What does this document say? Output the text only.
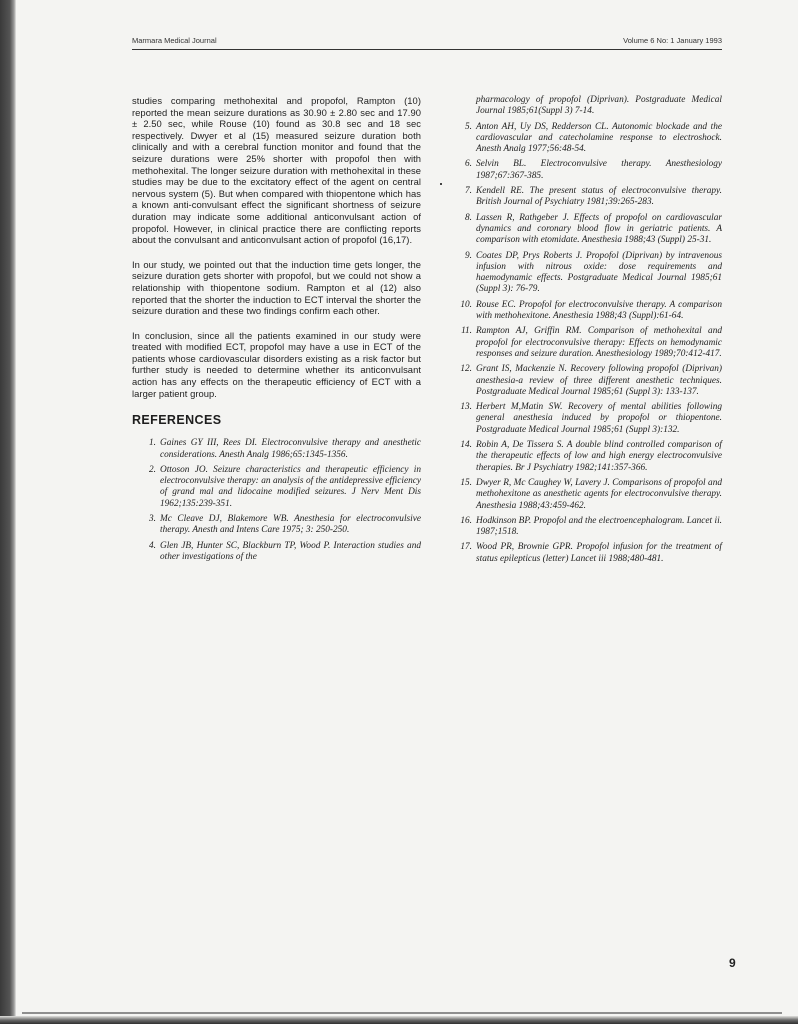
Marmara Medical Journal	Volume 6 No: 1 January 1993

studies comparing methohexital and propofol, Rampton (10) reported the mean seizure durations as 30.90 ± 2.80 sec and 17.90 ± 2.50 sec, while Rouse (10) found as 30.8 sec and 18 sec respectively. Dwyer et al (15) measured seizure duration both clinically and with a cerebral function monitor and found that the seizure durations were 25% shorter with propofol then with methohexital. The longer seizure duration with methohexital in these studies may be due to the excitatory effect of the agent on central nervous system (5). But when compared with thiopentone which has a known anti-convulsant effect the significant shortness of seizure duration may indicate some additional anticonvulsant action of propofol. However, in clinical practice there are conflicting reports about the convulsant and anticonvulsant action of propofol (16,17).

In our study, we pointed out that the induction time gets longer, the seizure duration gets shorter with propofol, but we could not show a relationship with thiopentone sodium. Rampton et al (12) also reported that the shorter the induction to ECT interval the shorter the seizure duration and these two findings confirm each other.

In conclusion, since all the patients examined in our study were treated with modified ECT, propofol may have a use in ECT of the patients whose cardiovascular disorders existing as a risk factor but further study is needed to determine whether its anticonvulsant action has any effects on the therapeutic efficiency of ECT with a larger patient group.

REFERENCES
1 . Gaines GY III, Rees DI. Electroconvulsive therapy and anesthetic considerations. Anesth Analg 1986;65:1345-1356.
2 . Ottoson JO. Seizure characteristics and therapeutic efficiency in electroconvulsive therapy: an analysis of the antidepressive efficiency of grand mal and lidocaine modified seizures. J Nerv Ment Dis 1962;135:239-351.
3 . Mc Cleave DJ, Blakemore WB. Anesthesia for electroconvulsive therapy. Anesth and Intens Care 1975; 3: 250-250.
4 . Glen JB, Hunter SC, Blackburn TP, Wood P. Interaction studies and other investigations of the
pharmacology of propofol (Diprivan). Postgraduate Medical Journal 1985;61(Suppl 3) 7-14.
5 . Anton AH, Uy DS, Redderson CL. Autonomic blockade and the cardiovascular and catecholamine response to electroshock. Anesth Analg 1977;56:48-54.
6 . Selvin BL. Electroconvulsive therapy. Anesthesiology 1987;67:367-385.
7 . Kendell RE. The present status of electroconvulsive therapy. British Journal of Psychiatry 1981;39:265-283.
8 . Lassen R, Rathgeber J. Effects of propofol on cardiovascular dynamics and coronary blood flow in geriatric patients. A comparison with etomidate. Anesthesia 1988;43 (Suppl) 25-31.
9 . Coates DP, Prys Roberts J. Propofol (Diprivan) by intravenous infusion with nitrous oxide: dose requirements and haemodynamic effects. Postgraduate Medical Journal 1985;61 (Suppl 3): 76-79.
10 . Rouse EC. Propofol for electroconvulsive therapy. A comparison with methohexitone. Anesthesia 1988;43 (Suppl):61-64.
11 . Rampton AJ, Griffin RM. Comparison of methohexital and propofol for electroconvulsive therapy: Effects on hemodynamic responses and seizure duration. Anesthesiology 1989;70:412-417.
12 . Grant IS, Mackenzie N. Recovery following propofol (Diprivan) anesthesia-a review of three different anesthetic techniques. Postgraduate Medical Journal 1985;61 (Suppl 3): 133-137.
13 . Herbert M,Matin SW. Recovery of mental abilities following general anesthesia induced by propofol or thiopentone. Postgraduate Medical Journal 1985;61 (Suppl 3):132.
14 . Robin A, De Tissera S. A double blind controlled comparison of the therapeutic effects of low and high energy electroconvulsive therapies. Br J Psychiatry 1982;141:357-366.
15 . Dwyer R, Mc Caughey W, Lavery J. Comparisons of propofol and methohexitone as anesthetic agents for electroconvulsive therapy. Anesthesia 1988;43:459-462.
16 . Hodkinson BP. Propofol and the electroencephalogram. Lancet ii. 1987;1518.
17 . Wood PR, Brownie GPR. Propofol infusion for the treatment of status epilepticus (letter) Lancet iii 1988;480-481.
9
